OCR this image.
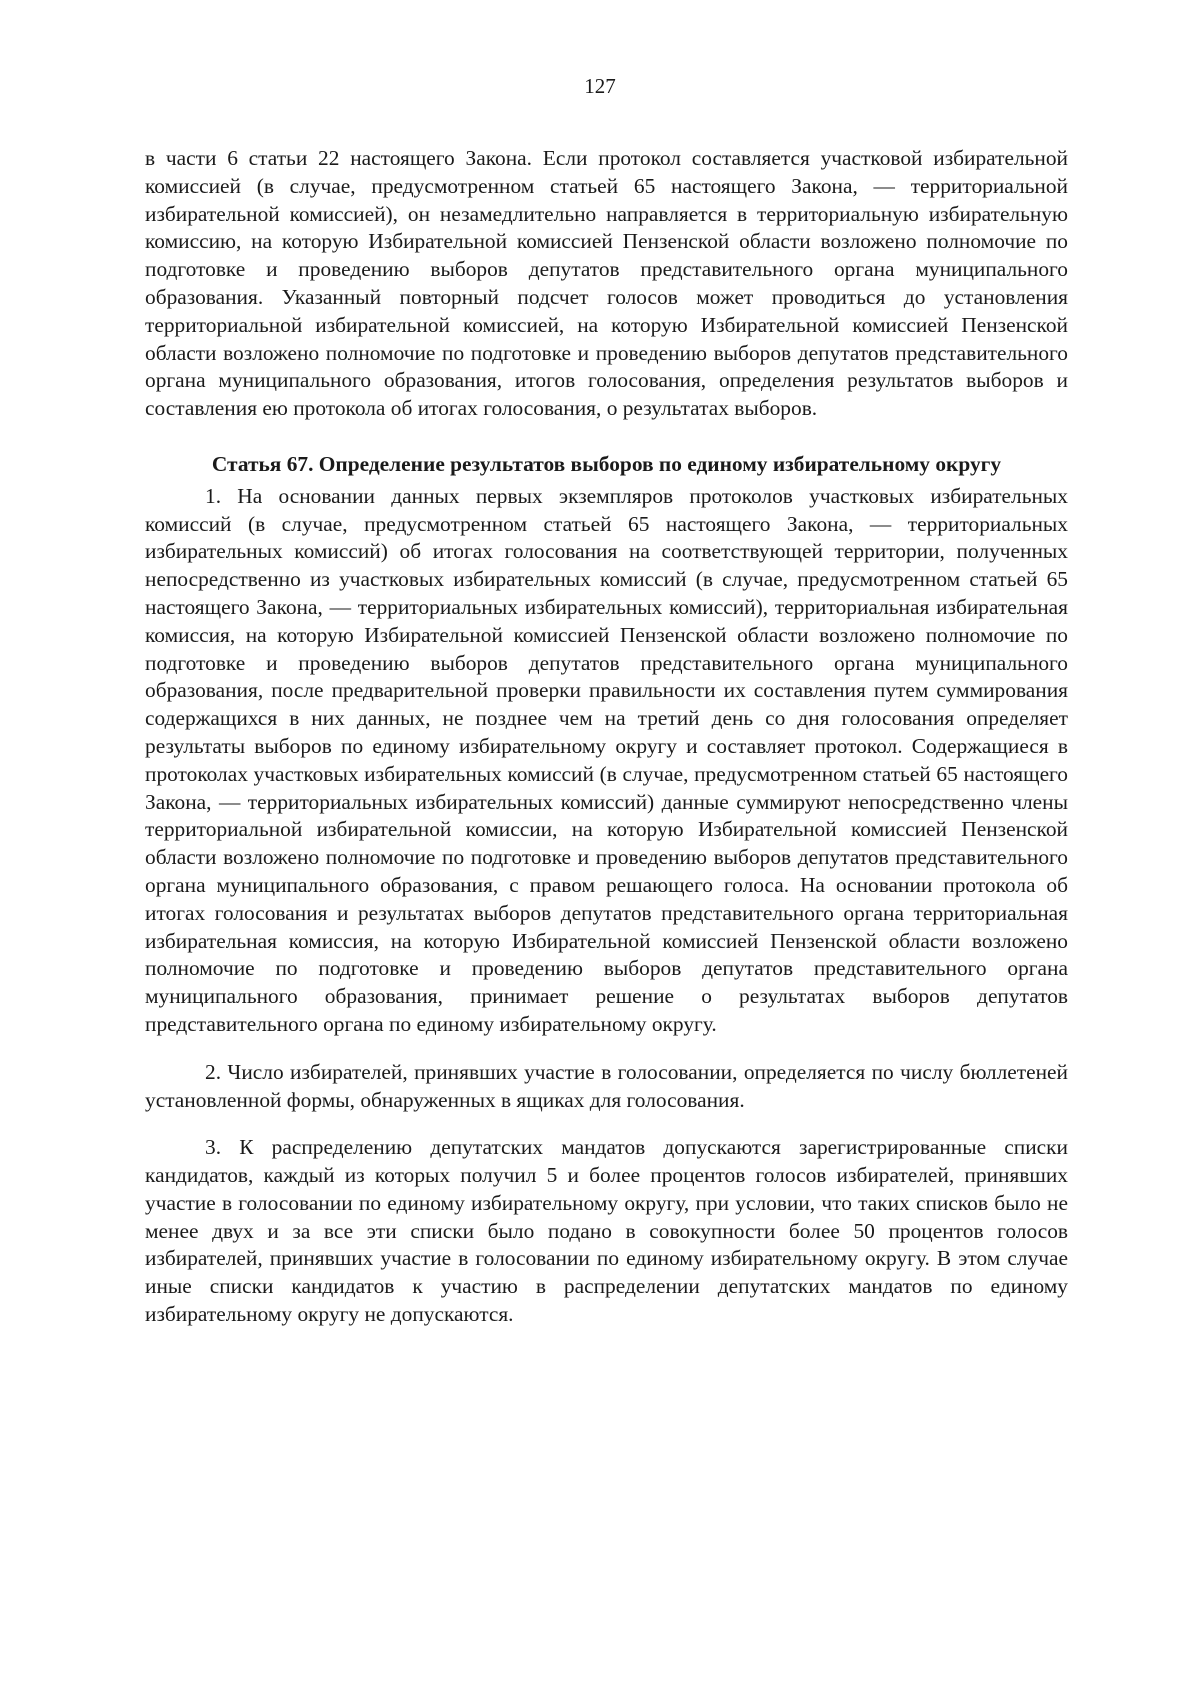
127

в части 6 статьи 22 настоящего Закона. Если протокол составляется участковой избирательной комиссией (в случае, предусмотренном статьей 65 настоящего Закона, — территориальной избирательной комиссией), он незамедлительно направляется в территориальную избирательную комиссию, на которую Избирательной комиссией Пензенской области возложено полномочие по подготовке и проведению выборов депутатов представительного органа муниципального образования. Указанный повторный подсчет голосов может проводиться до установления территориальной избирательной комиссией, на которую Избирательной комиссией Пензенской области возложено полномочие по подготовке и проведению выборов депутатов представительного органа муниципального образования, итогов голосования, определения результатов выборов и составления ею протокола об итогах голосования, о результатах выборов.

Статья 67. Определение результатов выборов по единому избирательному округу

1. На основании данных первых экземпляров протоколов участковых избирательных комиссий (в случае, предусмотренном статьей 65 настоящего Закона, — территориальных избирательных комиссий) об итогах голосования на соответствующей территории, полученных непосредственно из участковых избирательных комиссий (в случае, предусмотренном статьей 65 настоящего Закона, — территориальных избирательных комиссий), территориальная избирательная комиссия, на которую Избирательной комиссией Пензенской области возложено полномочие по подготовке и проведению выборов депутатов представительного органа муниципального образования, после предварительной проверки правильности их составления путем суммирования содержащихся в них данных, не позднее чем на третий день со дня голосования определяет результаты выборов по единому избирательному округу и составляет протокол. Содержащиеся в протоколах участковых избирательных комиссий (в случае, предусмотренном статьей 65 настоящего Закона, — территориальных избирательных комиссий) данные суммируют непосредственно члены территориальной избирательной комиссии, на которую Избирательной комиссией Пензенской области возложено полномочие по подготовке и проведению выборов депутатов представительного органа муниципального образования, с правом решающего голоса. На основании протокола об итогах голосования и результатах выборов депутатов представительного органа территориальная избирательная комиссия, на которую Избирательной комиссией Пензенской области возложено полномочие по подготовке и проведению выборов депутатов представительного органа муниципального образования, принимает решение о результатах выборов депутатов представительного органа по единому избирательному округу.

2. Число избирателей, принявших участие в голосовании, определяется по числу бюллетеней установленной формы, обнаруженных в ящиках для голосования.

3. К распределению депутатских мандатов допускаются зарегистрированные списки кандидатов, каждый из которых получил 5 и более процентов голосов избирателей, принявших участие в голосовании по единому избирательному округу, при условии, что таких списков было не менее двух и за все эти списки было подано в совокупности более 50 процентов голосов избирателей, принявших участие в голосовании по единому избирательному округу. В этом случае иные списки кандидатов к участию в распределении депутатских мандатов по единому избирательному округу не допускаются.
